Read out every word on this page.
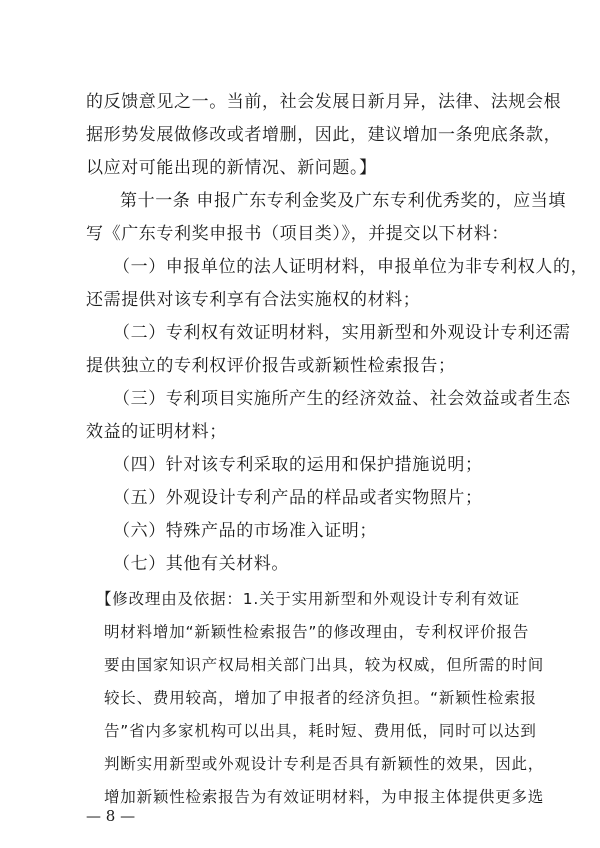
的反馈意见之一。当前，社会发展日新月异，法律、法规会根
据形势发展做修改或者增删，因此，建议增加一条兜底条款，
以应对可能出现的新情况、新问题。】
第十一条 申报广东专利金奖及广东专利优秀奖的，应当填
写《广东专利奖申报书（项目类）》，并提交以下材料：
（一）申报单位的法人证明材料，申报单位为非专利权人的，
还需提供对该专利享有合法实施权的材料；
（二）专利权有效证明材料，实用新型和外观设计专利还需
提供独立的专利权评价报告或新颖性检索报告；
（三）专利项目实施所产生的经济效益、社会效益或者生态
效益的证明材料；
（四）针对该专利采取的运用和保护措施说明；
（五）外观设计专利产品的样品或者实物照片；
（六）特殊产品的市场准入证明；
（七）其他有关材料。
【修改理由及依据：1.关于实用新型和外观设计专利有效证
明材料增加“新颖性检索报告”的修改理由，专利权评价报告
要由国家知识产权局相关部门出具，较为权威，但所需的时间
较长、费用较高，增加了申报者的经济负担。“新颖性检索报
告”省内多家机构可以出具，耗时短、费用低，同时可以达到
判断实用新型或外观设计专利是否具有新颖性的效果，因此，
增加新颖性检索报告为有效证明材料，为申报主体提供更多选
— 8 —
